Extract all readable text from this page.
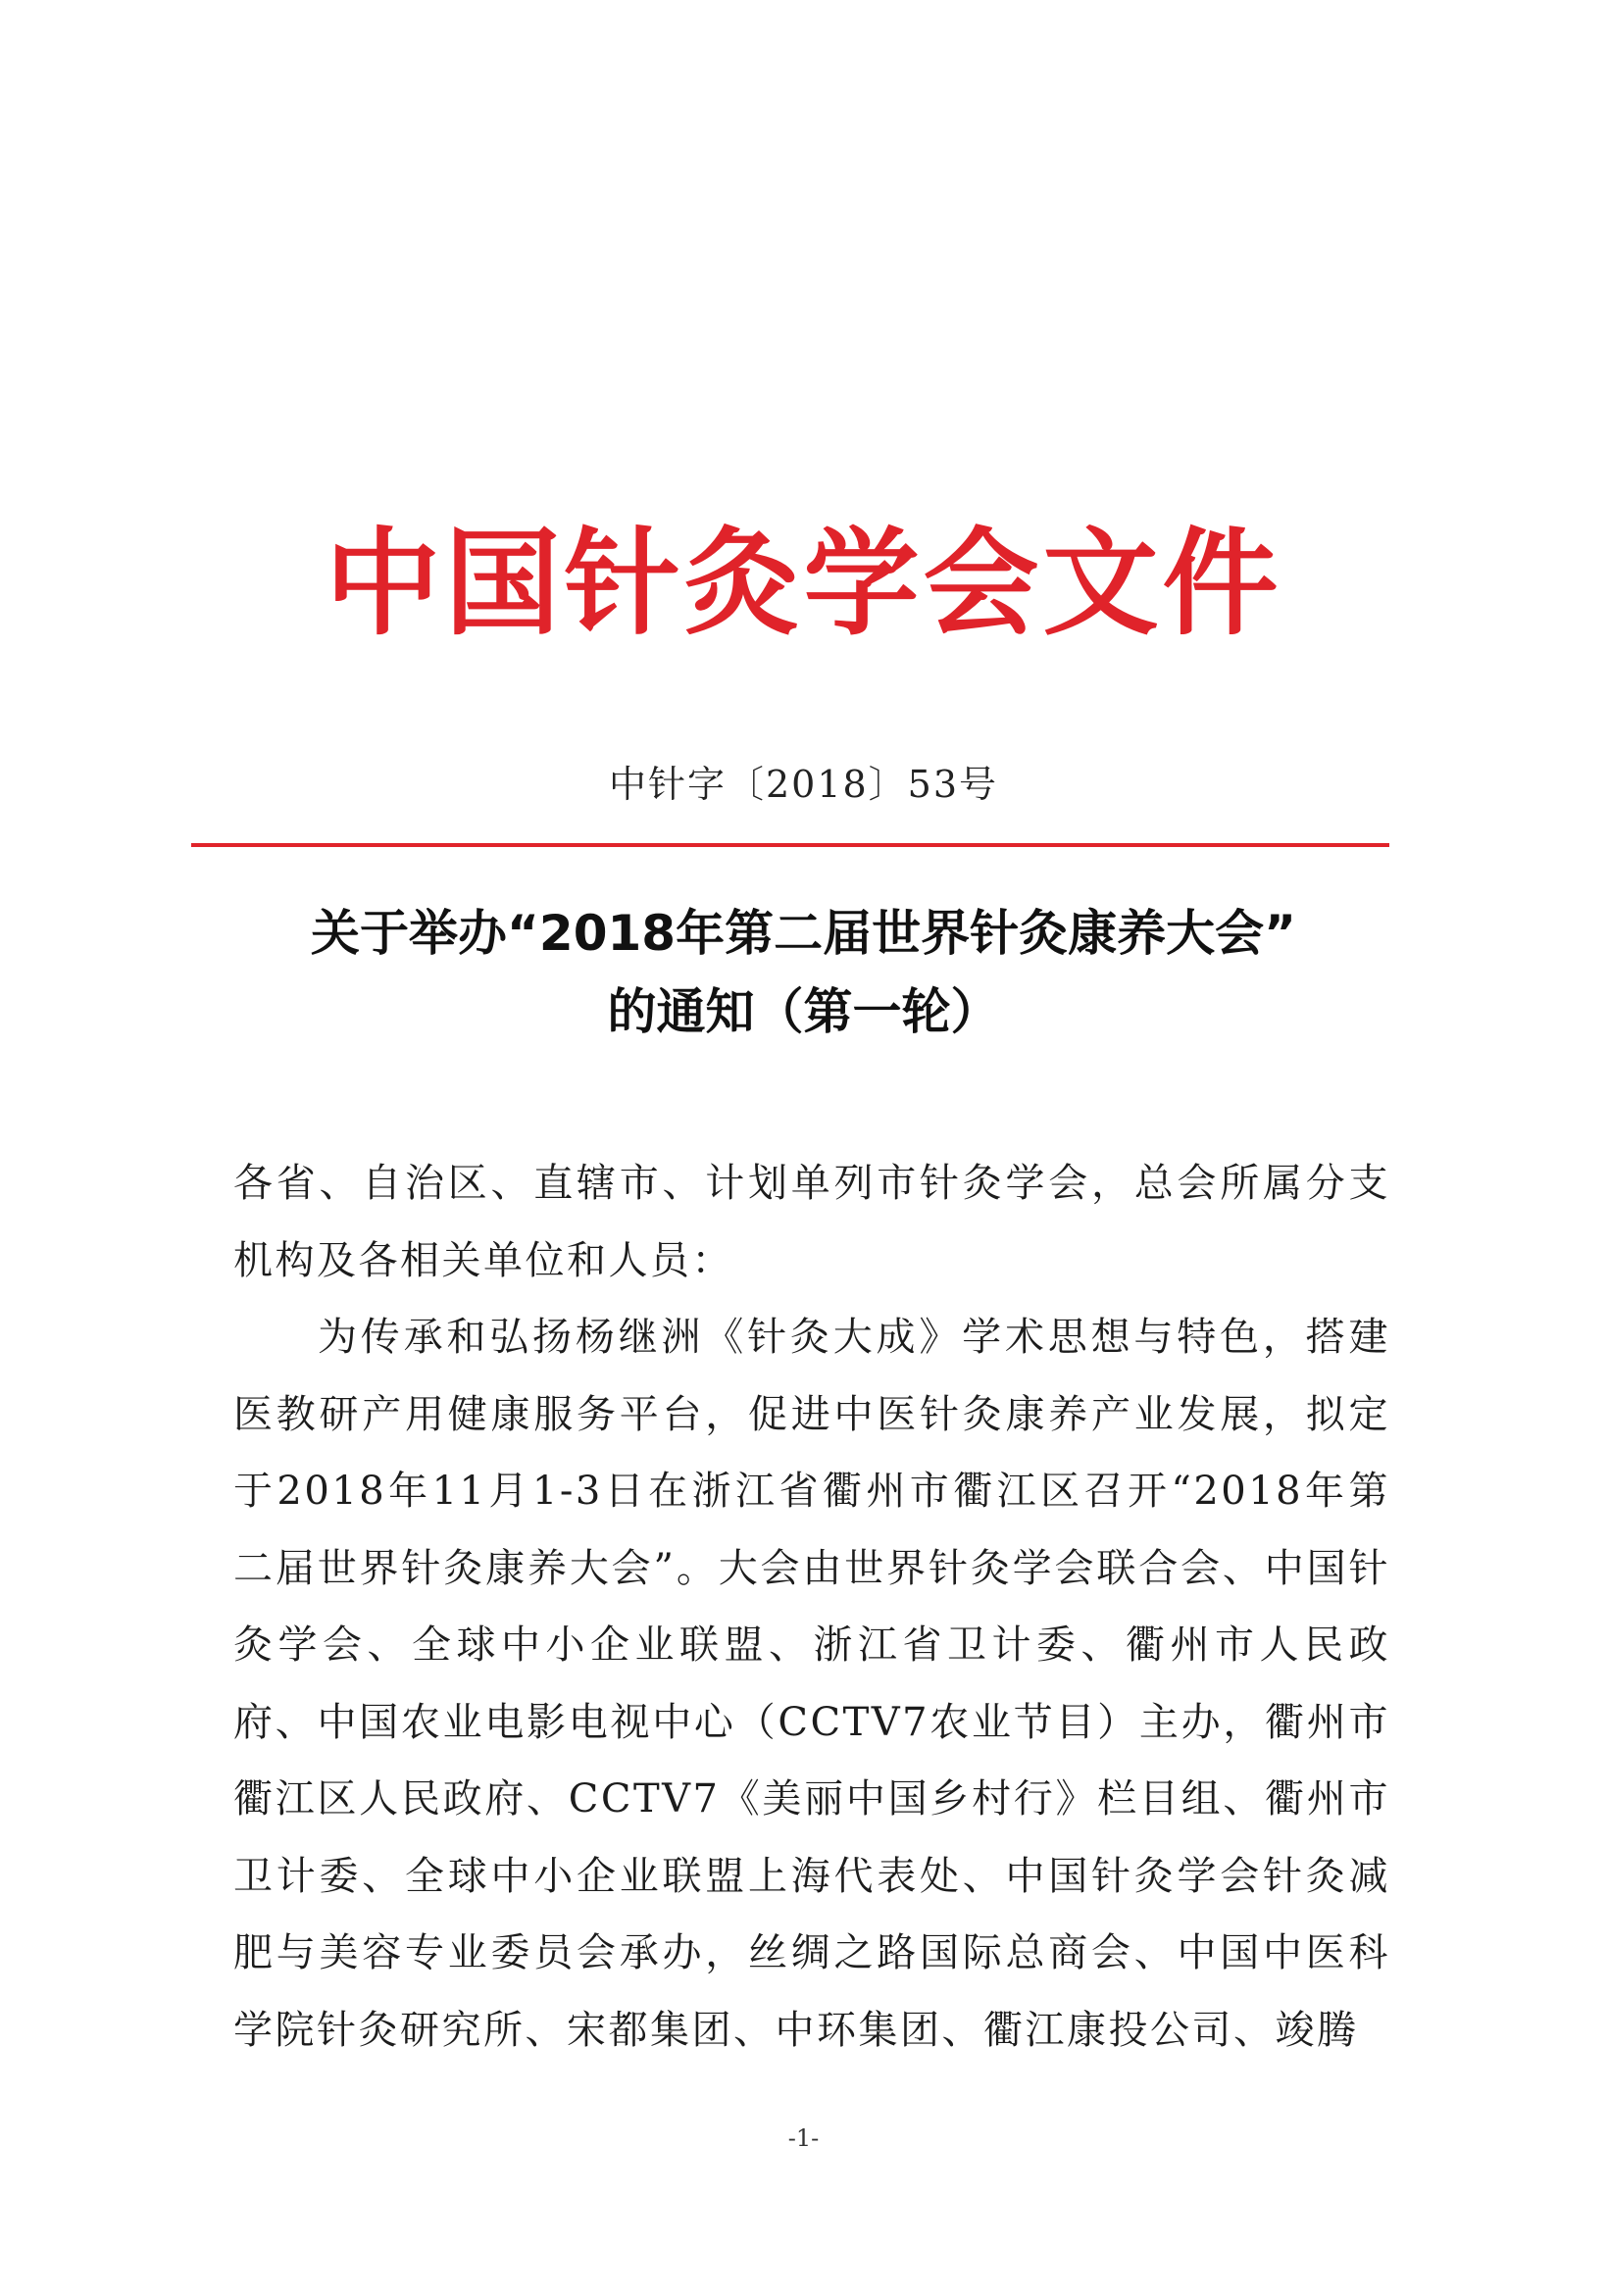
中国针灸学会文件
中针字〔2018〕53号
关于举办“2018年第二届世界针灸康养大会”
的通知（第一轮）

各省、自治区、直辖市、计划单列市针灸学会，总会所属分支机构及各相关单位和人员：

为传承和弘扬杨继洲《针灸大成》学术思想与特色，搭建医教研产用健康服务平台，促进中医针灸康养产业发展，拟定于2018年11月1-3日在浙江省衢州市衢江区召开“2018年第二届世界针灸康养大会”。大会由世界针灸学会联合会、中国针灸学会、全球中小企业联盟、浙江省卫计委、衢州市人民政府、中国农业电影电视中心（CCTV7农业节目）主办，衢州市衢江区人民政府、CCTV7《美丽中国乡村行》栏目组、衢州市卫计委、全球中小企业联盟上海代表处、中国针灸学会针灸减肥与美容专业委员会承办，丝绸之路国际总商会、中国中医科学院针灸研究所、宋都集团、中环集团、衢江康投公司、竣腾

-1-
